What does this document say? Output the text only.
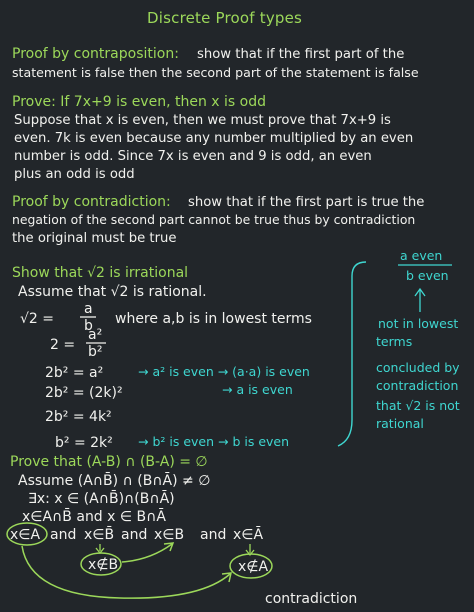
Discrete Proof types
Proof by contraposition: show that if the first part of the
statement is false then the second part of the statement is false
Prove: If 7x+9 is even, then x is odd
Suppose that x is even, then we must prove that 7x+9 is
even. 7k is even because any number multiplied by an even
number is odd. Since 7x is even and 9 is odd, an even
plus an odd is odd
Proof by contradiction: show that if the first part is true the
negation of the second part cannot be true thus by contradiction
the original must be true
Show that √2 is irrational
Assume that √2 is rational.
√2 =
a
b where a,b is in lowest terms
2 =
a²
b²
2b² = a²	→ a² is even → (a·a) is even
→ a is even
2b² = (2k)²
2b² = 4k²
b² = 2k² → b² is even → b is even
a even
b even
not in lowest
terms
concluded by
contradiction
that √2 is not
rational
Prove that (A-B) ∩ (B-A) = ∅
Assume (A∩B̄) ∩ (B∩Ā) ≠ ∅
∃x: x ∈ (A∩B̄)∩(B∩Ā)
x∈A∩B̄ and x ∈ B∩Ā
x∈A and x∈B̄ and x∈B and x∈Ā
x∉B	x∉A
contradiction
